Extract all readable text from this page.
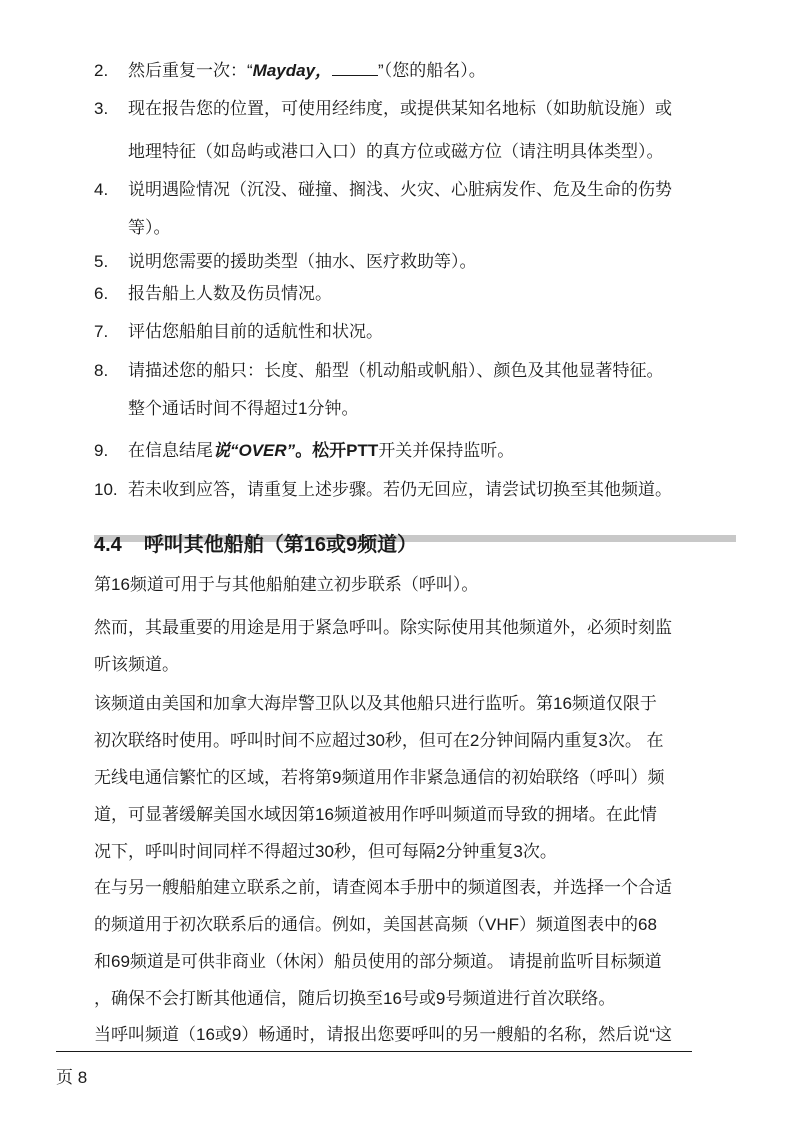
2.	然后重复一次：“Mayday，	”（您的船名）。
3.	现在报告您的位置，可使用经纬度，或提供某知名地标（如助航设施）或
地理特征（如岛屿或港口入口）的真方位或磁方位（请注明具体类型）。
4.	说明遇险情况（沉没、碰撞、搁浅、火灾、心脏病发作、危及生命的伤势
等）。
5.	说明您需要的援助类型（抽水、医疗救助等）。
6.	报告船上人数及伤员情况。
7.	评估您船舶目前的适航性和状况。
8.	请描述您的船只：长度、船型（机动船或帆船）、颜色及其他显著特征。
整个通话时间不得超过1分钟。
9.	在信息结尾说“OVER”。松开PTT开关并保持监听。
10. 若未收到应答，请重复上述步骤。若仍无回应，请尝试切换至其他频道。
4.4 呼叫其他船舶（第16或9频道）
第16频道可用于与其他船舶建立初步联系（呼叫）。
然而，其最重要的用途是用于紧急呼叫。除实际使用其他频道外，必须时刻监
听该频道。
该频道由美国和加拿大海岸警卫队以及其他船只进行监听。第16频道仅限于
初次联络时使用。呼叫时间不应超过30秒，但可在2分钟间隔内重复3次。 在
无线电通信繁忙的区域，若将第9频道用作非紧急通信的初始联络（呼叫）频
道，可显著缓解美国水域因第16频道被用作呼叫频道而导致的拥堵。在此情
况下，呼叫时间同样不得超过30秒，但可每隔2分钟重复3次。
在与另一艘船舶建立联系之前，请查阅本手册中的频道图表，并选择一个合适
的频道用于初次联系后的通信。例如，美国甚高频（VHF）频道图表中的68
和69频道是可供非商业（休闲）船员使用的部分频道。 请提前监听目标频道
，确保不会打断其他通信，随后切换至16号或9号频道进行首次联络。
当呼叫频道（16或9）畅通时，请报出您要呼叫的另一艘船的名称，然后说“这
页 8
